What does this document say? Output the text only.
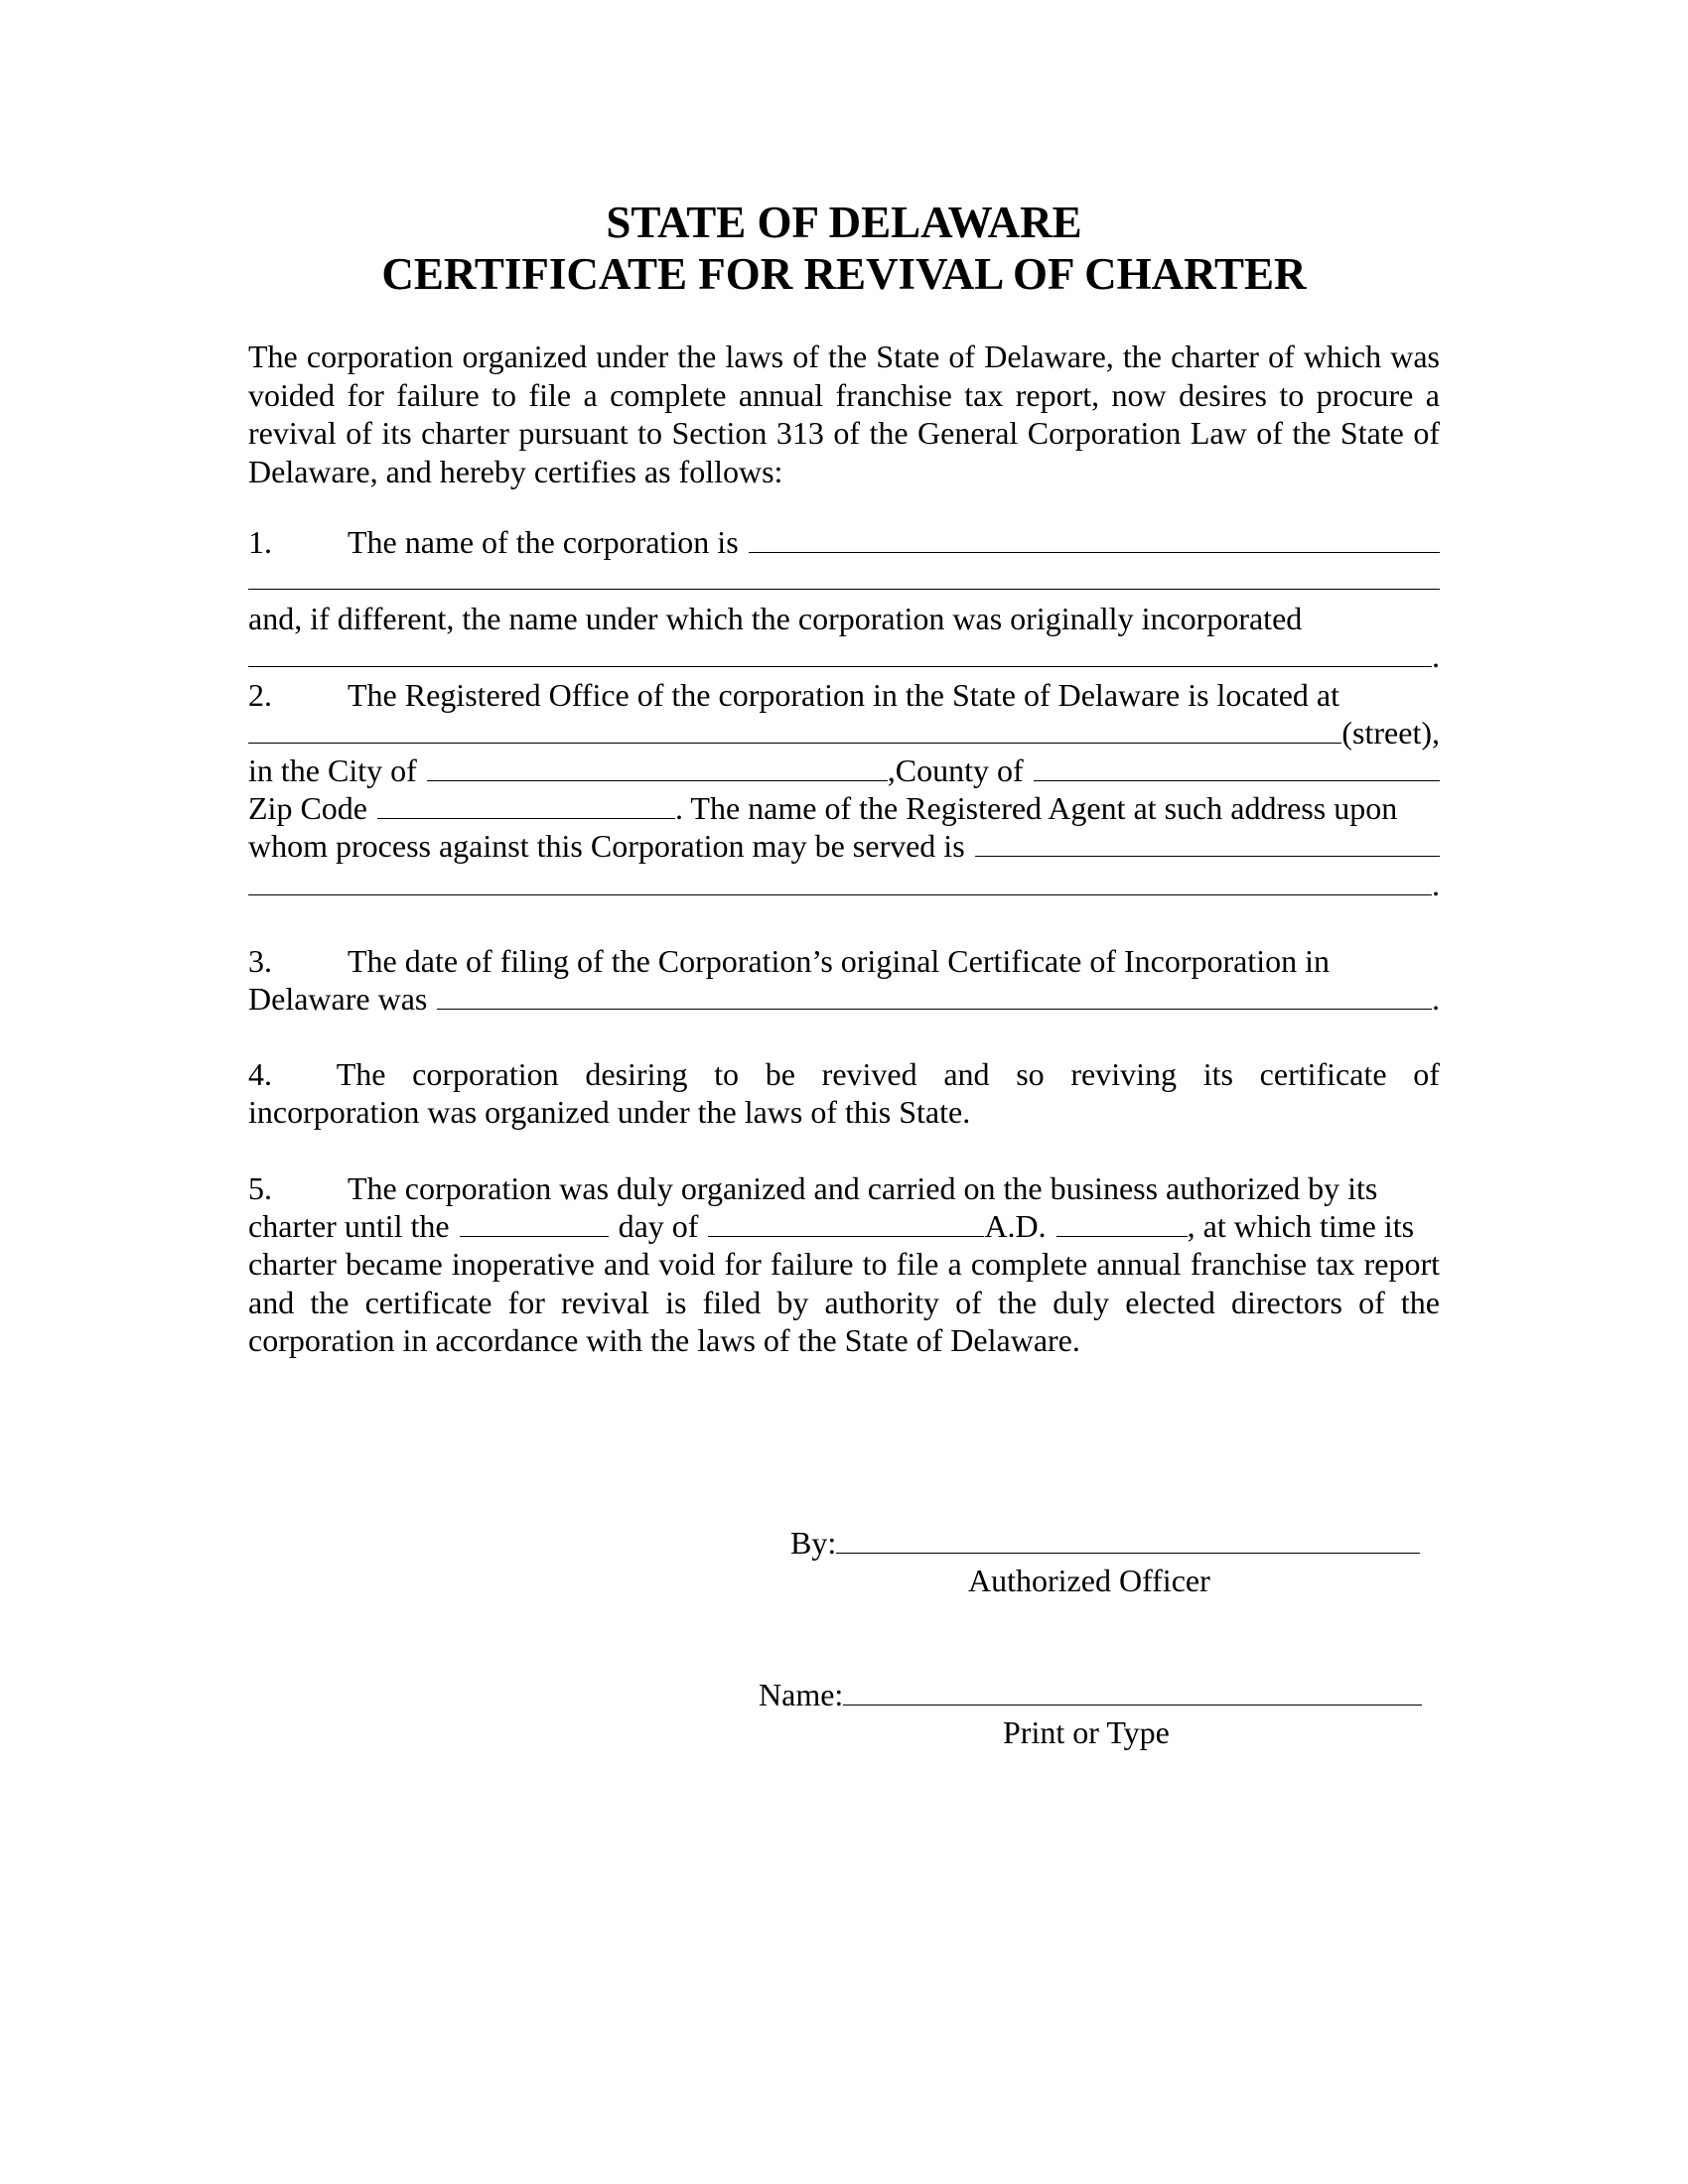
STATE OF DELAWARE
CERTIFICATE FOR REVIVAL OF CHARTER

The corporation organized under the laws of the State of Delaware, the charter of which was voided for failure to file a complete annual franchise tax report, now desires to procure a revival of its charter pursuant to Section 313 of the General Corporation Law of the State of Delaware, and hereby certifies as follows:

1.	The name of the corporation is
and, if different, the name under which the corporation was originally incorporated
.
2.	The Registered Office of the corporation in the State of Delaware is located at
(street),
in the City of	,County of
Zip Code	. The name of the Registered Agent at such address upon
whom process against this Corporation may be served is
.
3.	The date of filing of the Corporation’s original Certificate of Incorporation in
Delaware was	.
4.	The corporation desiring to be revived and so reviving its certificate of
incorporation was organized under the laws of this State.
5.	The corporation was duly organized and carried on the business authorized by its
charter until the	day of	A.D.	, at which time its

charter became inoperative and void for failure to file a complete annual franchise tax report and the certificate for revival is filed by authority of the duly elected directors of the corporation in accordance with the laws of the State of Delaware.

By:
Authorized Officer
Name:
Print or Type
